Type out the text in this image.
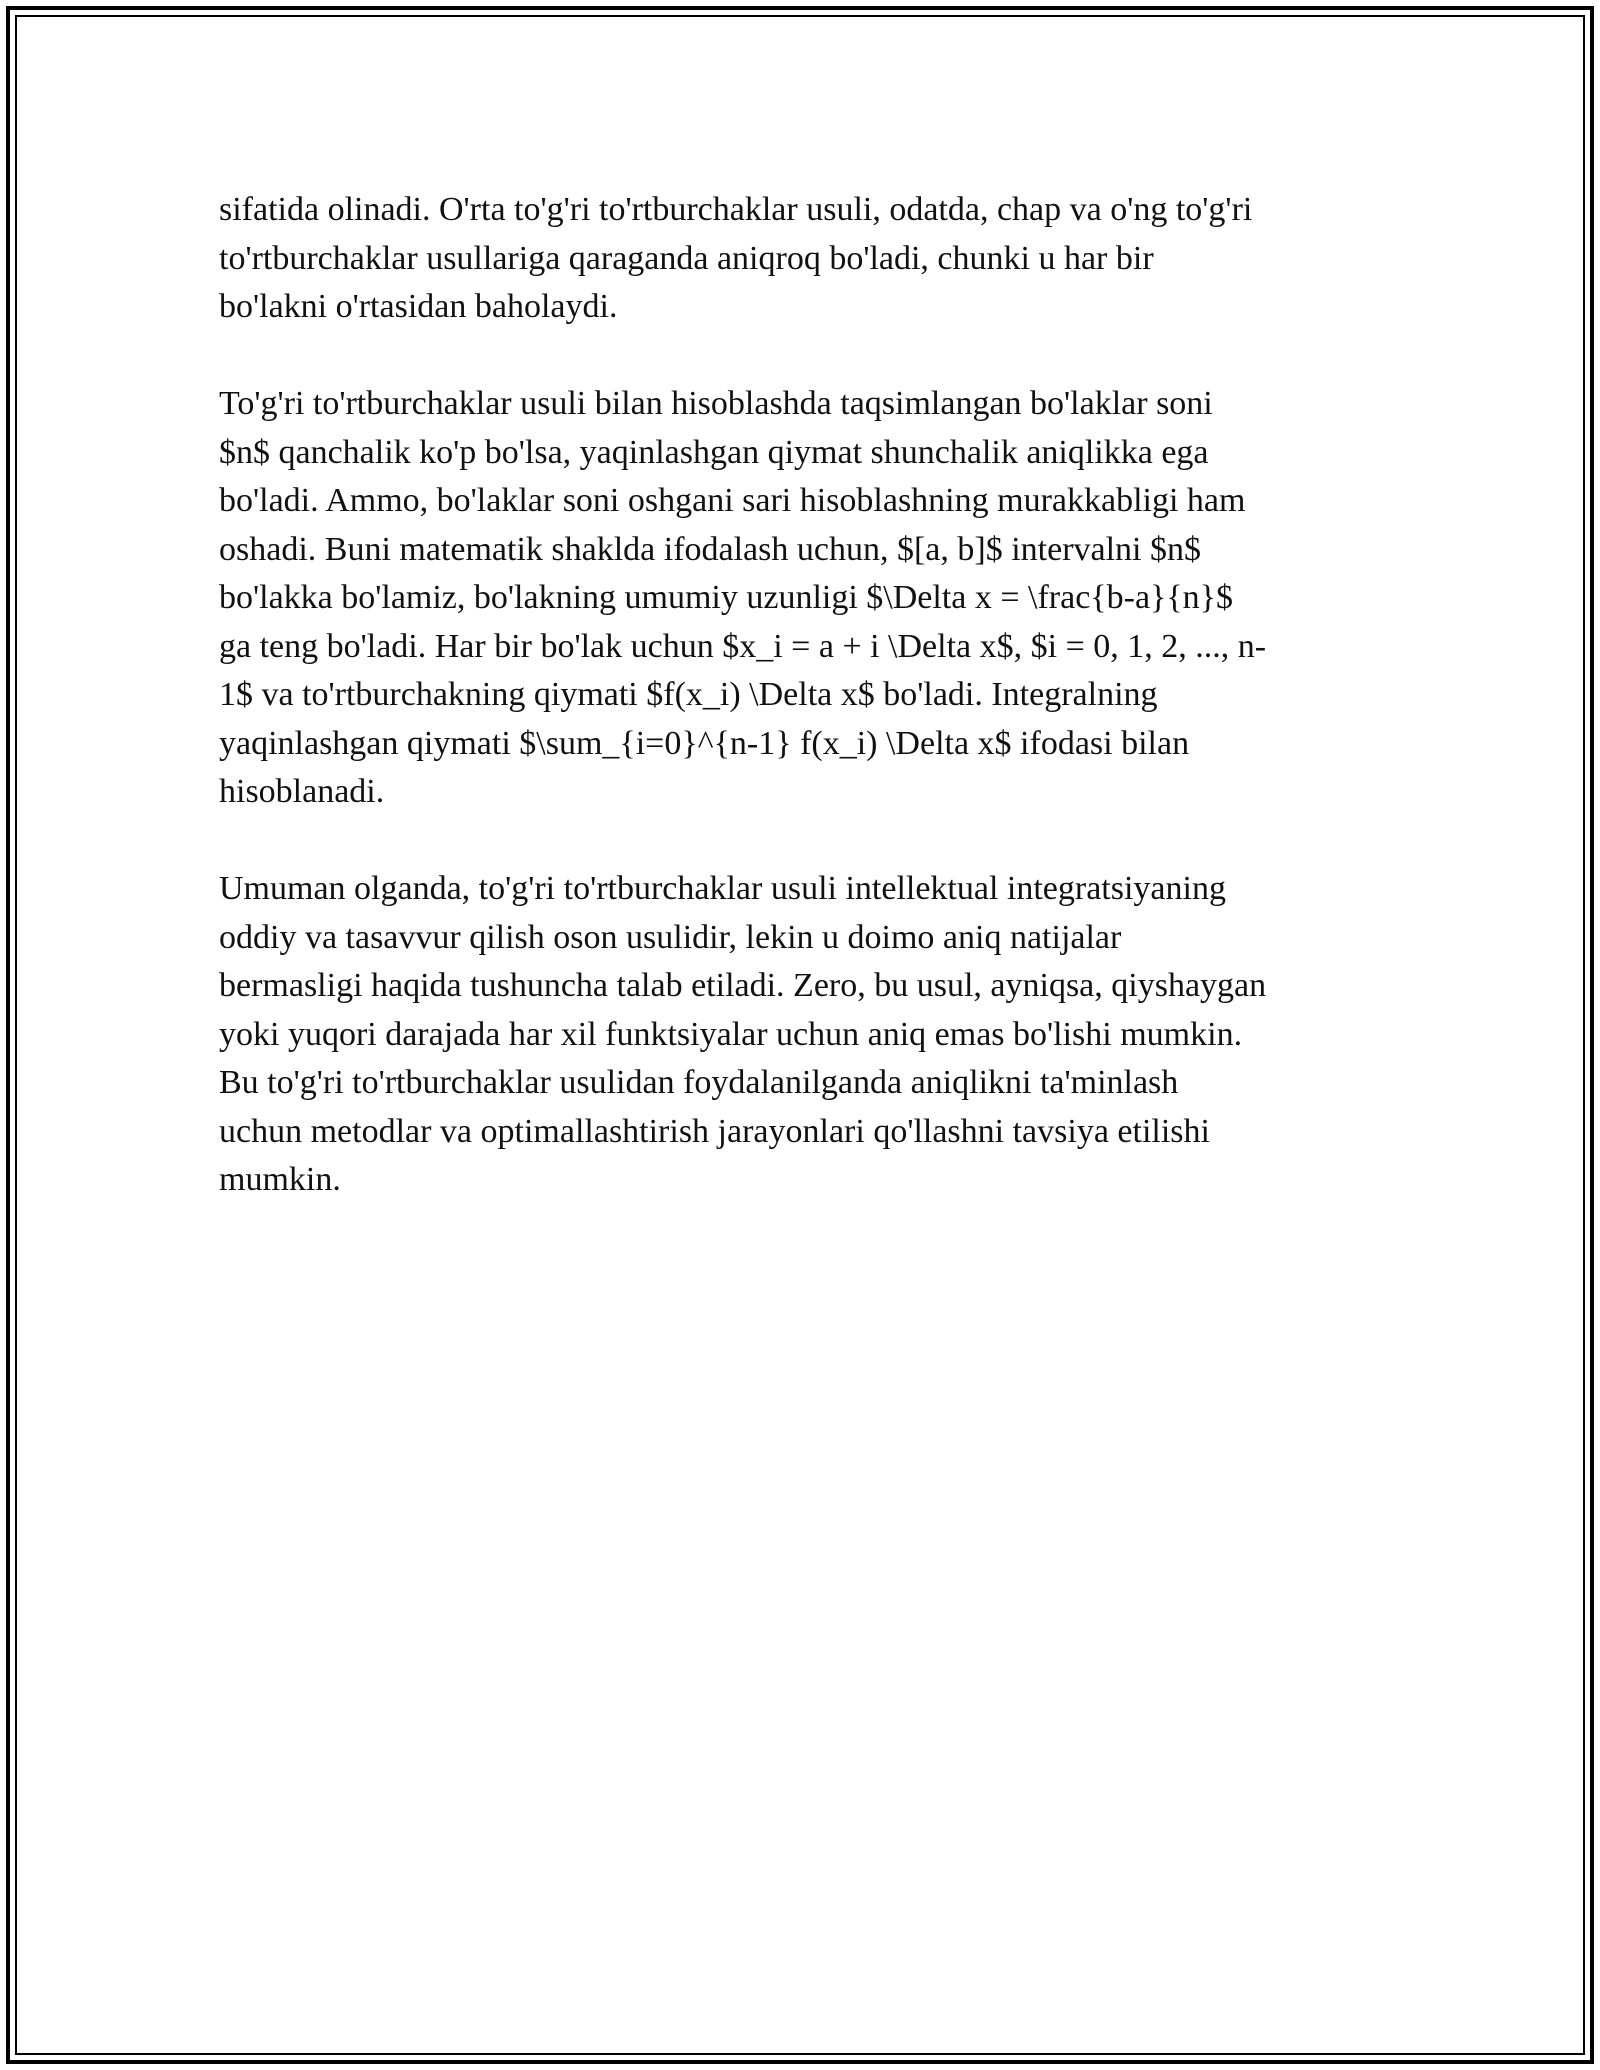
sifatida olinadi. O'rta to'g'ri to'rtburchaklar usuli, odatda, chap va o'ng to'g'ri
to'rtburchaklar usullariga qaraganda aniqroq bo'ladi, chunki u har bir
bo'lakni o'rtasidan baholaydi.

To'g'ri to'rtburchaklar usuli bilan hisoblashda taqsimlangan bo'laklar soni
$n$ qanchalik ko'p bo'lsa, yaqinlashgan qiymat shunchalik aniqlikka ega
bo'ladi. Ammo, bo'laklar soni oshgani sari hisoblashning murakkabligi ham
oshadi. Buni matematik shaklda ifodalash uchun, $[a, b]$ intervalni $n$
bo'lakka bo'lamiz, bo'lakning umumiy uzunligi $\Delta x = \frac{b-a}{n}$
ga teng bo'ladi. Har bir bo'lak uchun $x_i = a + i \Delta x$, $i = 0, 1, 2, ..., n-
1$ va to'rtburchakning qiymati $f(x_i) \Delta x$ bo'ladi. Integralning
yaqinlashgan qiymati $\sum_{i=0}^{n-1} f(x_i) \Delta x$ ifodasi bilan
hisoblanadi.

Umuman olganda, to'g'ri to'rtburchaklar usuli intellektual integratsiyaning
oddiy va tasavvur qilish oson usulidir, lekin u doimo aniq natijalar
bermasligi haqida tushuncha talab etiladi. Zero, bu usul, ayniqsa, qiyshaygan
yoki yuqori darajada har xil funktsiyalar uchun aniq emas bo'lishi mumkin.
Bu to'g'ri to'rtburchaklar usulidan foydalanilganda aniqlikni ta'minlash
uchun metodlar va optimallashtirish jarayonlari qo'llashni tavsiya etilishi
mumkin.
